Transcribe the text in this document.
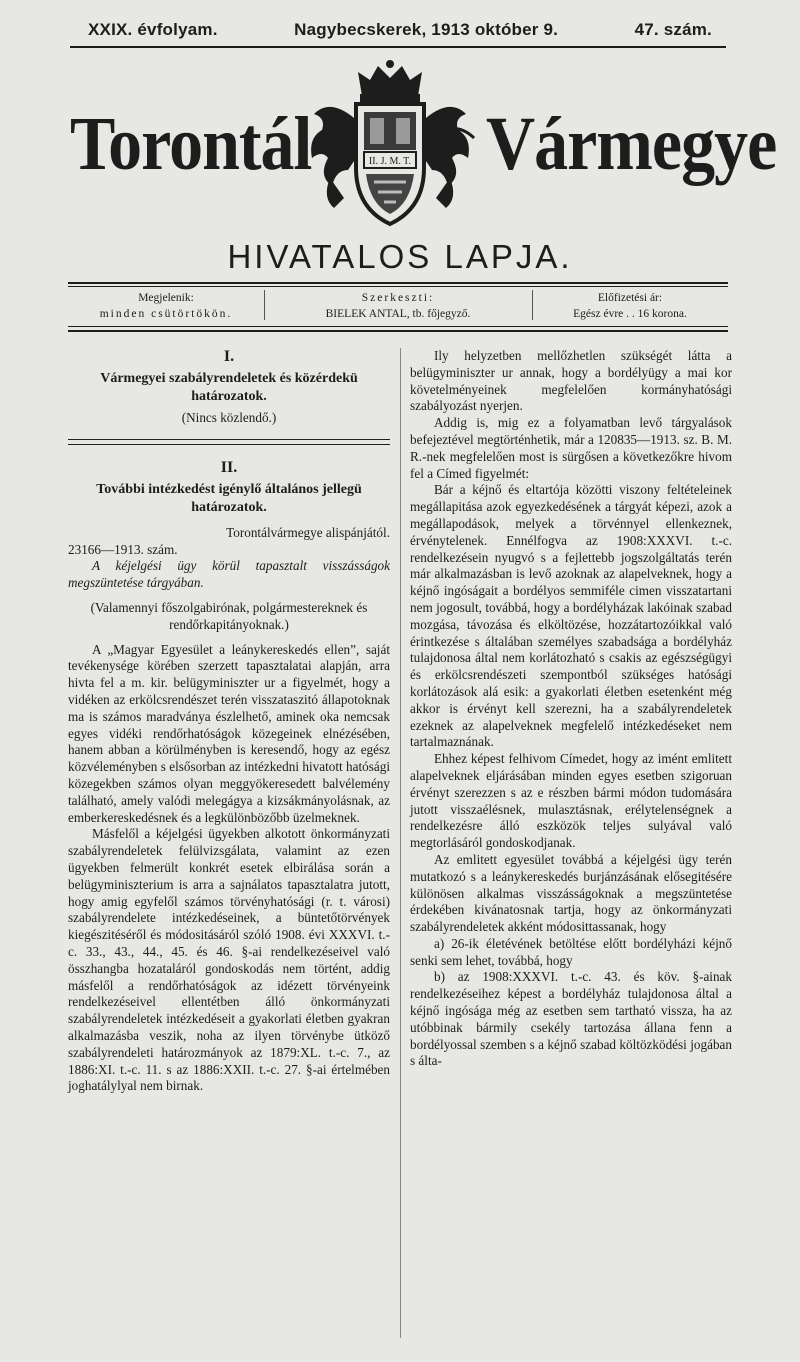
XXIX. évfolyam.	Nagybecskerek, 1913 október 9.	47. szám.
Torontál	II. J. M. T. Vármegye
HIVATALOS LAPJA.
Megjelenik:
minden csütörtökön.
Szerkeszti:
BIELEK ANTAL, tb. főjegyző.
Előfizetési ár:
Egész évre . . 16 korona.

I.

Vármegyei szabályrendeletek és közérdekü határozatok.

(Nincs közlendő.)

II.

További intézkedést igénylő általános jellegü határozatok.

Torontálvármegye alispánjától.

23166—1913. szám.

A kéjelgési ügy körül tapasztalt visszásságok megszüntetése tárgyában.

(Valamennyi főszolgabirónak, polgármestereknek és rendőrkapitányoknak.)

A „Magyar Egyesület a leánykereskedés ellen”, saját tevékenysége körében szerzett tapasztalatai alapján, arra hivta fel a m. kir. belügyminiszter ur a figyelmét, hogy a vidéken az erkölcsrendészet terén visszataszitó állapotoknak ma is számos maradványa észlelhető, aminek oka nemcsak egyes vidéki rendőrhatóságok közegeinek elnézésében, hanem abban a körülményben is keresendő, hogy az egész közvéleményben s elsősorban az intézkedni hivatott hatósági közegekben számos olyan meggyökeresedett balvélemény található, amely valódi melegágya a kizsákmányolásnak, az emberkereskedésnek és a legkülönbözőbb üzelmeknek.

Másfelől a kéjelgési ügyekben alkotott önkormányzati szabályrendeletek felülvizsgálata, valamint az ezen ügyekben felmerült konkrét esetek elbirálása során a belügyminiszterium is arra a sajnálatos tapasztalatra jutott, hogy amig egyfelől számos törvényhatósági (r. t. városi) szabályrendelete intézkedéseinek, a büntetőtörvények kiegészitéséről és módositásáról szóló 1908. évi XXXVI. t.-c. 33., 43., 44., 45. és 46. §-ai rendelkezéseivel való összhangba hozataláról gondoskodás nem történt, addig másfelől a rendőrhatóságok az idézett törvényeink rendelkezéseivel ellentétben álló önkormányzati szabályrendeletek intézkedéseit a gyakorlati életben gyakran alkalmazásba veszik, noha az ilyen törvénybe ütköző szabályrendeleti határozmányok az 1879:XL. t.-c. 7., az 1886:XI. t.-c. 11. s az 1886:XXII. t.-c. 27. §-ai értelmében joghatálylyal nem birnak.

Ily helyzetben mellőzhetlen szükségét látta a belügyminiszter ur annak, hogy a bordélyügy a mai kor követelményeinek megfelelően kormányhatósági szabályozást nyerjen.

Addig is, mig ez a folyamatban levő tárgyalások befejeztével megtörténhetik, már a 120835—1913. sz. B. M. R.-nek megfelelően most is sürgősen a következőkre hivom fel a Címed figyelmét:

Bár a kéjnő és eltartója közötti viszony feltételeinek megállapitása azok egyezkedésének a tárgyát képezi, azok a megállapodások, melyek a törvénnyel ellenkeznek, érvénytelenek. Ennélfogva az 1908:XXXVI. t.-c. rendelkezésein nyugvó s a fejlettebb jogszolgáltatás terén már alkalmazásban is levő azoknak az alapelveknek, hogy a kéjnő ingóságait a bordélyos semmiféle cimen visszatartani nem jogosult, továbbá, hogy a bordélyházak lakóinak szabad mozgása, távozása és elköltözése, hozzátartozóikkal való érintkezése s általában személyes szabadsága a bordélyház tulajdonosa által nem korlátozható s csakis az egészségügyi és erkölcsrendészeti szempontból szükséges hatósági korlátozások alá esik: a gyakorlati életben esetenként még akkor is érvényt kell szerezni, ha a szabályrendeletek ezeknek az alapelveknek megfelelő intézkedéseket nem tartalmaznának.

Ehhez képest felhivom Címedet, hogy az imént emlitett alapelveknek eljárásában minden egyes esetben szigoruan érvényt szerezzen s az e részben bármi módon tudomására jutott visszaélésnek, mulasztásnak, erélytelenségnek a rendelkezésre álló eszközök teljes sulyával való megtorlásáról gondoskodjanak.

Az emlitett egyesület továbbá a kéjelgési ügy terén mutatkozó s a leánykereskedés burjánzásának elősegitésére különösen alkalmas visszásságoknak a megszüntetése érdekében kivánatosnak tartja, hogy az önkormányzati szabályrendeletek akként módosittassanak, hogy

a) 26-ik életévének betöltése előtt bordélyházi kéjnő senki sem lehet, továbbá, hogy

b) az 1908:XXXVI. t.-c. 43. és köv. §-ainak rendelkezéseihez képest a bordélyház tulajdonosa által a kéjnő ingósága még az esetben sem tartható vissza, ha az utóbbinak bármily csekély tartozása állana fenn a bordélyossal szemben s a kéjnő szabad költözködési jogában s álta-
